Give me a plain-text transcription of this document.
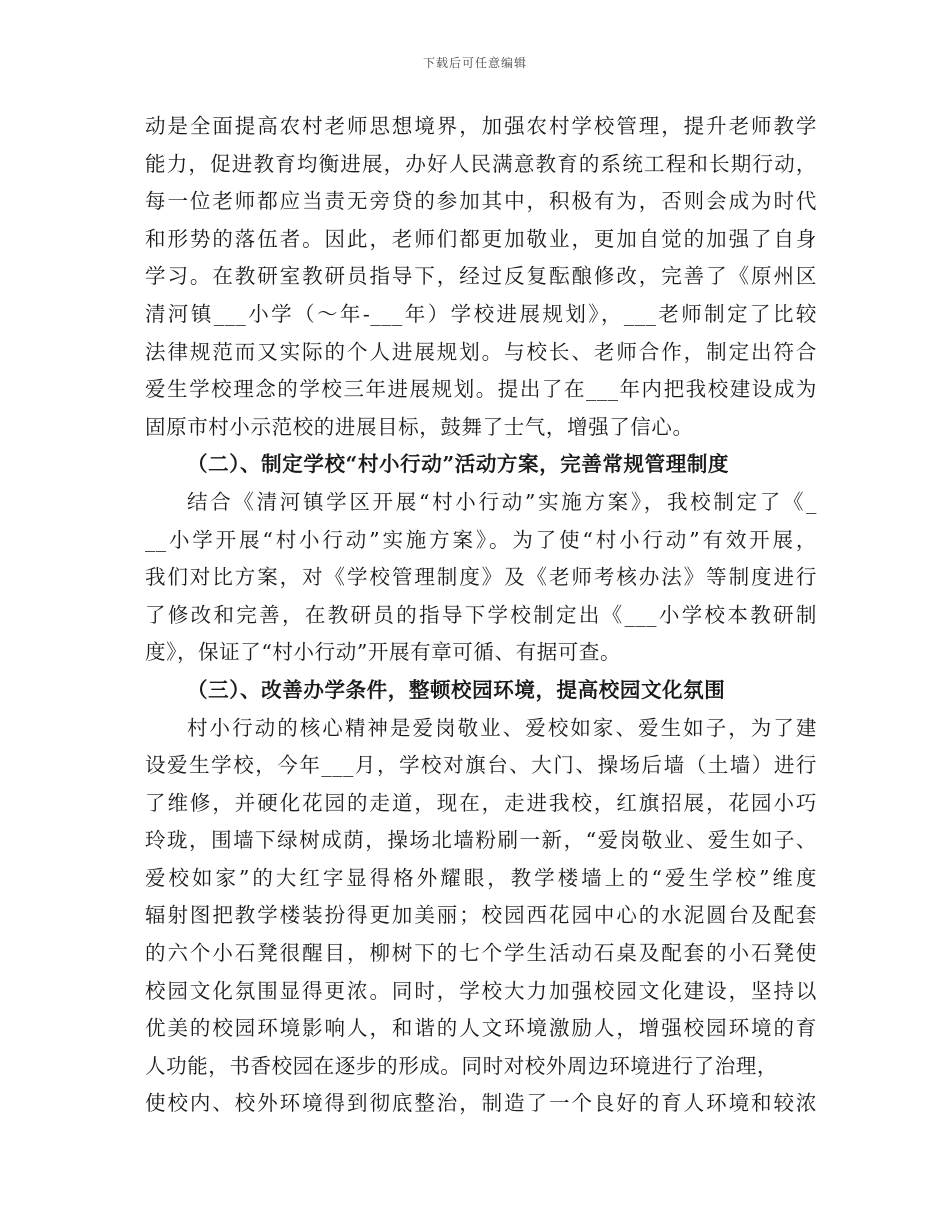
下载后可任意编辑
动是全面提高农村老师思想境界，加强农村学校管理，提升老师教学
能力，促进教育均衡进展，办好人民满意教育的系统工程和长期行动，
每一位老师都应当责无旁贷的参加其中，积极有为，否则会成为时代
和形势的落伍者。因此，老师们都更加敬业，更加自觉的加强了自身
学习。在教研室教研员指导下，经过反复酝酿修改，完善了《原州区
清河镇___小学（～年-___年）学校进展规划》，___老师制定了比较
法律规范而又实际的个人进展规划。与校长、老师合作，制定出符合
爱生学校理念的学校三年进展规划。提出了在___年内把我校建设成为
固原市村小示范校的进展目标，鼓舞了士气，增强了信心。
（二）、制定学校“村小行动”活动方案，完善常规管理制度
结合《清河镇学区开展“村小行动”实施方案》，我校制定了《_
__小学开展“村小行动”实施方案》。为了使“村小行动”有效开展，
我们对比方案，对《学校管理制度》及《老师考核办法》等制度进行
了修改和完善，在教研员的指导下学校制定出《___小学校本教研制
度》，保证了“村小行动”开展有章可循、有据可查。
（三）、改善办学条件，整顿校园环境，提高校园文化氛围
村小行动的核心精神是爱岗敬业、爱校如家、爱生如子，为了建
设爱生学校，今年___月，学校对旗台、大门、操场后墙（土墙）进行
了维修，并硬化花园的走道，现在，走进我校，红旗招展，花园小巧
玲珑，围墙下绿树成荫，操场北墙粉刷一新，“爱岗敬业、爱生如子、
爱校如家”的大红字显得格外耀眼，教学楼墙上的“爱生学校”维度
辐射图把教学楼装扮得更加美丽；校园西花园中心的水泥圆台及配套
的六个小石凳很醒目，柳树下的七个学生活动石桌及配套的小石凳使
校园文化氛围显得更浓。同时，学校大力加强校园文化建设，坚持以
优美的校园环境影响人，和谐的人文环境激励人，增强校园环境的育
人功能，书香校园在逐步的形成。同时对校外周边环境进行了治理，
使校内、校外环境得到彻底整治，制造了一个良好的育人环境和较浓
